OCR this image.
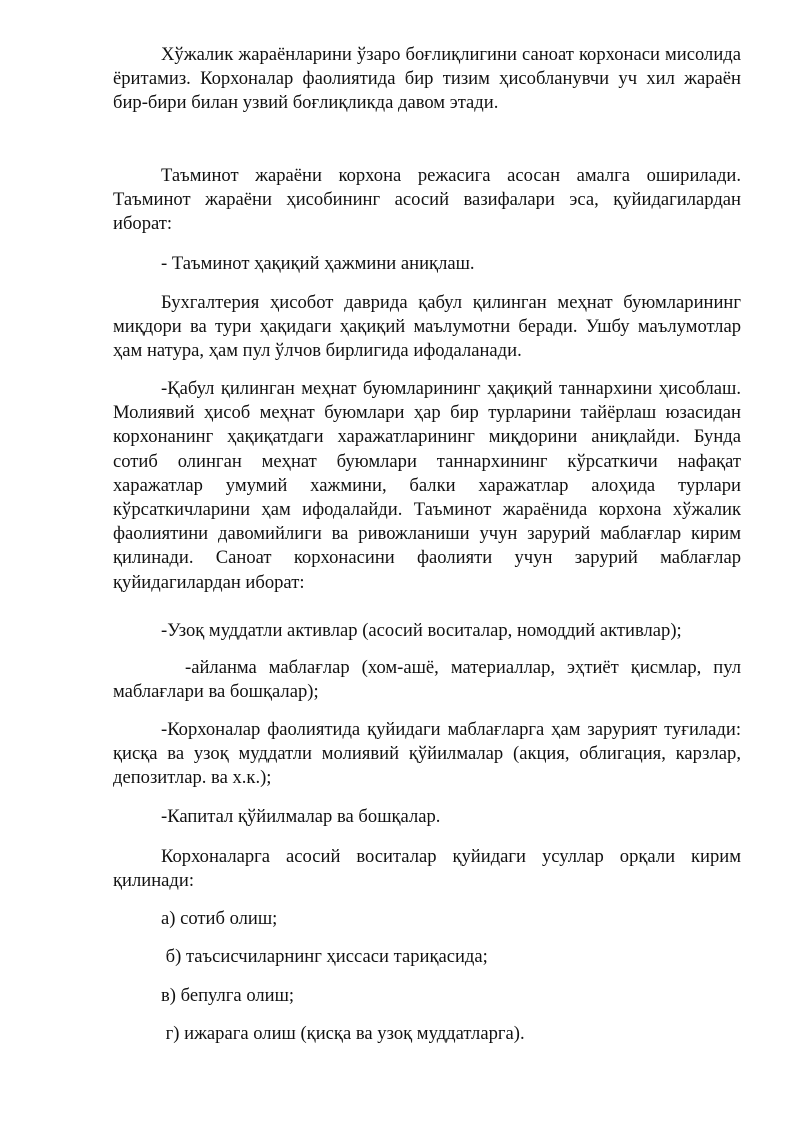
Хўжалик жараёнларини ўзаро боғлиқлигини саноат корхонаси мисолида ёритамиз. Корхоналар фаолиятида бир тизим ҳисобланувчи уч хил жараён бир-бири билан узвий боғлиқликда давом этади.

Таъминот жараёни корхона режасига асосан амалга оширилади. Таъминот жараёни ҳисобининг асосий вазифалари эса, қуйидагилардан иборат:

- Таъминот ҳақиқий ҳажмини аниқлаш.

Бухгалтерия ҳисобот даврида қабул қилинган меҳнат буюмларининг миқдори ва тури ҳақидаги ҳақиқий маълумотни беради. Ушбу маълумотлар ҳам натура, ҳам пул ўлчов бирлигида ифодаланади.

-Қабул қилинган меҳнат буюмларининг ҳақиқий таннархини ҳисоблаш. Молиявий ҳисоб меҳнат буюмлари ҳар бир турларини тайёрлаш юзасидан корхонанинг ҳақиқатдаги харажатларининг миқдорини аниқлайди. Бунда сотиб олинган меҳнат буюмлари таннархининг кўрсаткичи нафақат харажатлар умумий хажмини, балки харажатлар алоҳида турлари кўрсаткичларини ҳам ифодалайди. Таъминот жараёнида корхона хўжалик фаолиятини давомийлиги ва ривожланиши учун зарурий маблағлар кирим қилинади. Саноат корхонасини фаолияти учун зарурий маблағлар қуйидагилардан иборат:

-Узоқ муддатли активлар (асосий воситалар, номоддий активлар);

-айланма маблағлар (хом-ашё, материаллар, эҳтиёт қисмлар, пул маблағлари ва бошқалар);

-Корхоналар фаолиятида қуйидаги маблағларга ҳам зарурият туғилади: қисқа ва узоқ муддатли молиявий қўйилмалар (акция, облигация, карзлар, депозитлар. ва х.к.);

-Капитал қўйилмалар ва бошқалар.

Корхоналарга асосий воситалар қуйидаги усуллар орқали кирим қилинади:

а) сотиб олиш;

б) таъсисчиларнинг ҳиссаси тариқасида;

в) бепулга олиш;

г) ижарага олиш (қисқа ва узоқ муддатларга).
